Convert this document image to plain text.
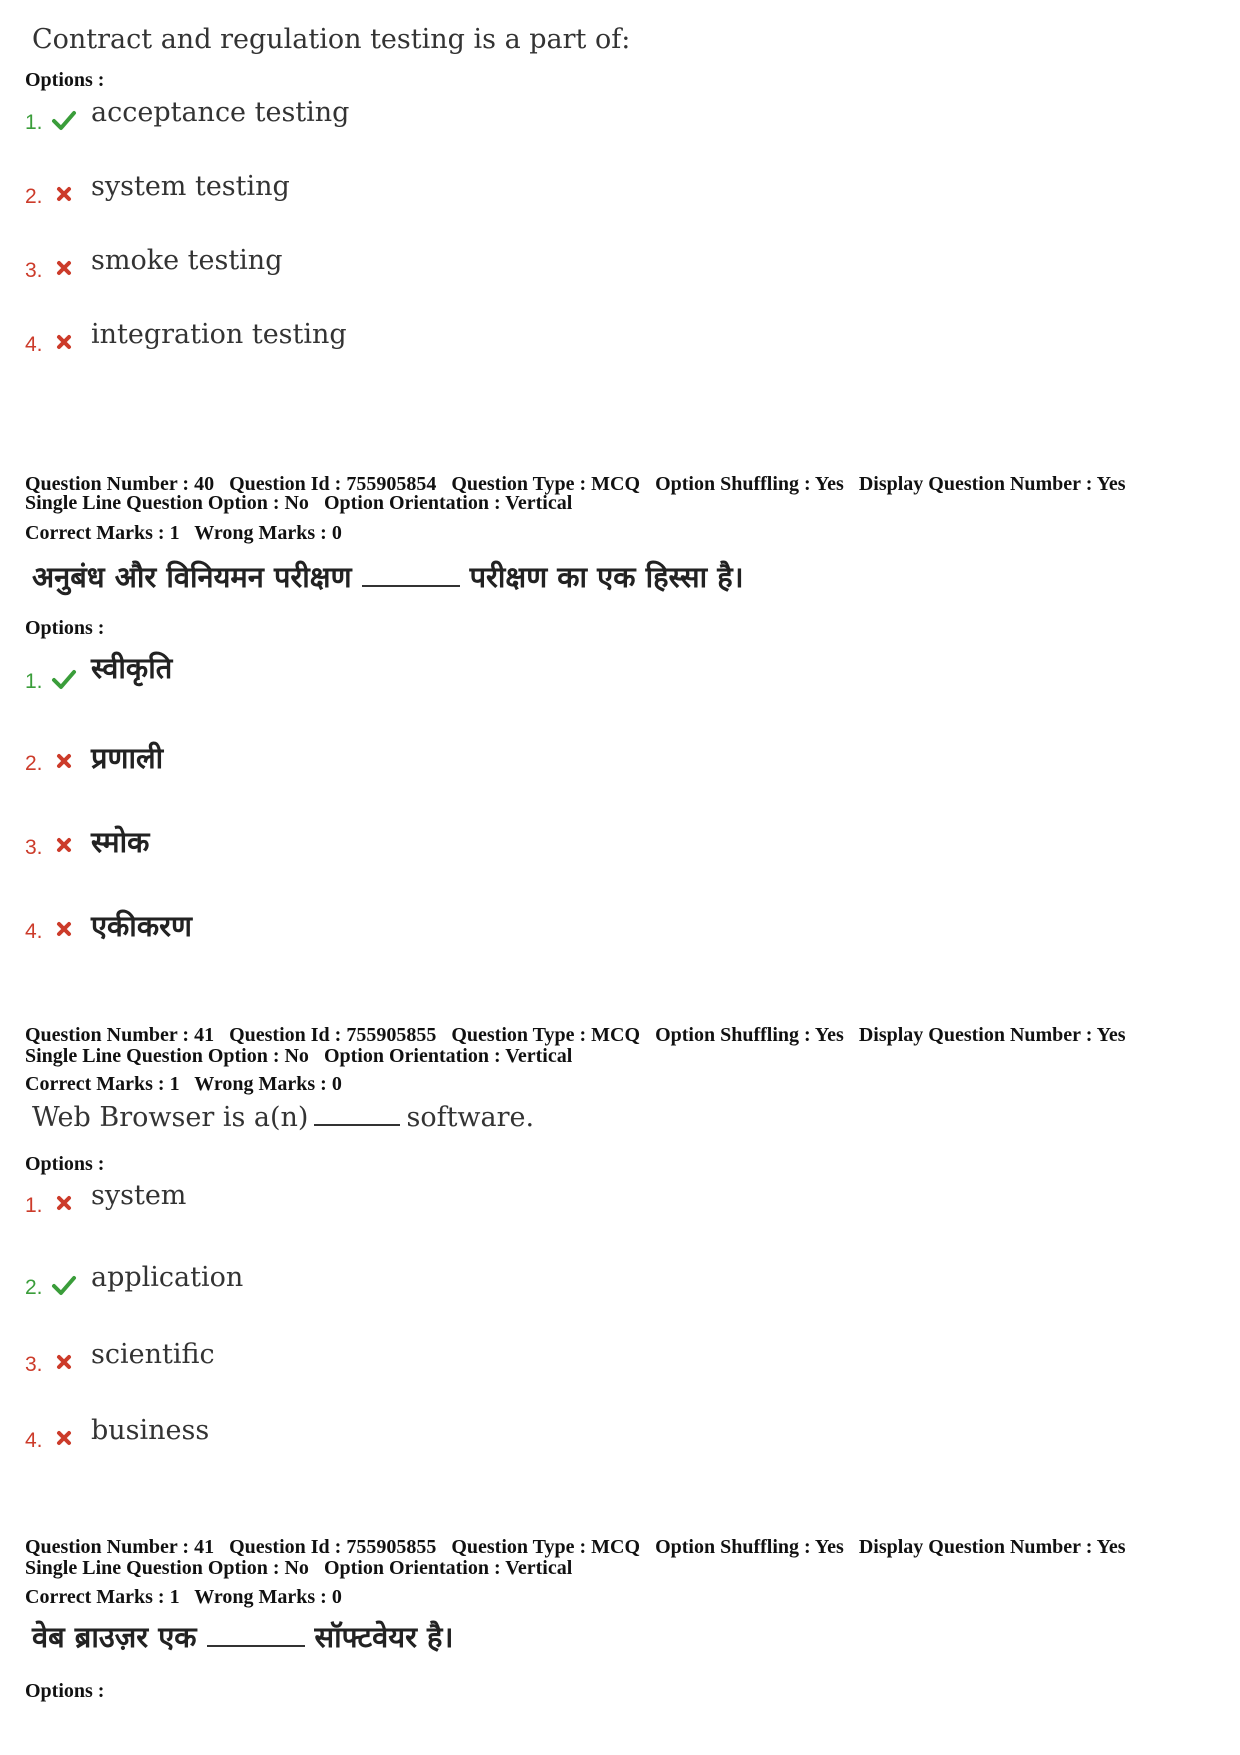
Contract and regulation testing is a part of:
Options :
1. acceptance testing
2. system testing
3. smoke testing
4. integration testing
Question Number : 40 Question Id : 755905854 Question Type : MCQ Option Shuffling : Yes Display Question Number : Yes
Single Line Question Option : No Option Orientation : Vertical
Correct Marks : 1 Wrong Marks : 0
अनुबंध और विनियमन परीक्षण	परीक्षण का एक हिस्सा है।
Options :
1. स्वीकृति
2. प्रणाली
3. स्मोक
4. एकीकरण
Question Number : 41 Question Id : 755905855 Question Type : MCQ Option Shuffling : Yes Display Question Number : Yes
Single Line Question Option : No Option Orientation : Vertical
Correct Marks : 1 Wrong Marks : 0
Web Browser is a(n)	software.
Options :
1. system
2. application
3. scientific
4. business
Question Number : 41 Question Id : 755905855 Question Type : MCQ Option Shuffling : Yes Display Question Number : Yes
Single Line Question Option : No Option Orientation : Vertical
Correct Marks : 1 Wrong Marks : 0
वेब ब्राउज़र एक	सॉफ्टवेयर है।
Options :
